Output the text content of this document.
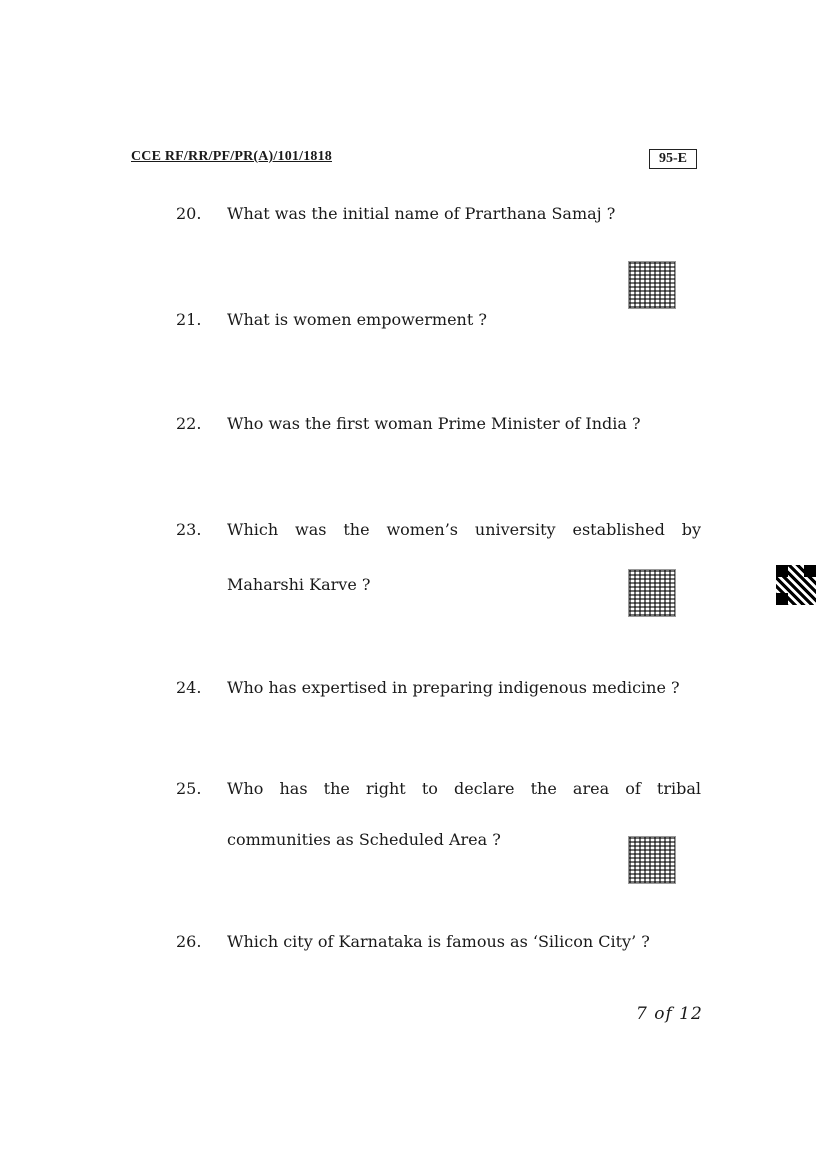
CCE RF/RR/PF/PR(A)/101/1818	95-E
20.	What was the initial name of Prarthana Samaj ?
21.	What is women empowerment ?
22.	Who was the first woman Prime Minister of India ?
23.	Which was the women’s university established by
Maharshi Karve ?
24.	Who has expertised in preparing indigenous medicine ?
25.	Who has the right to declare the area of tribal
communities as Scheduled Area ?
26.	Which city of Karnataka is famous as ‘Silicon City’ ?
7 of 12
